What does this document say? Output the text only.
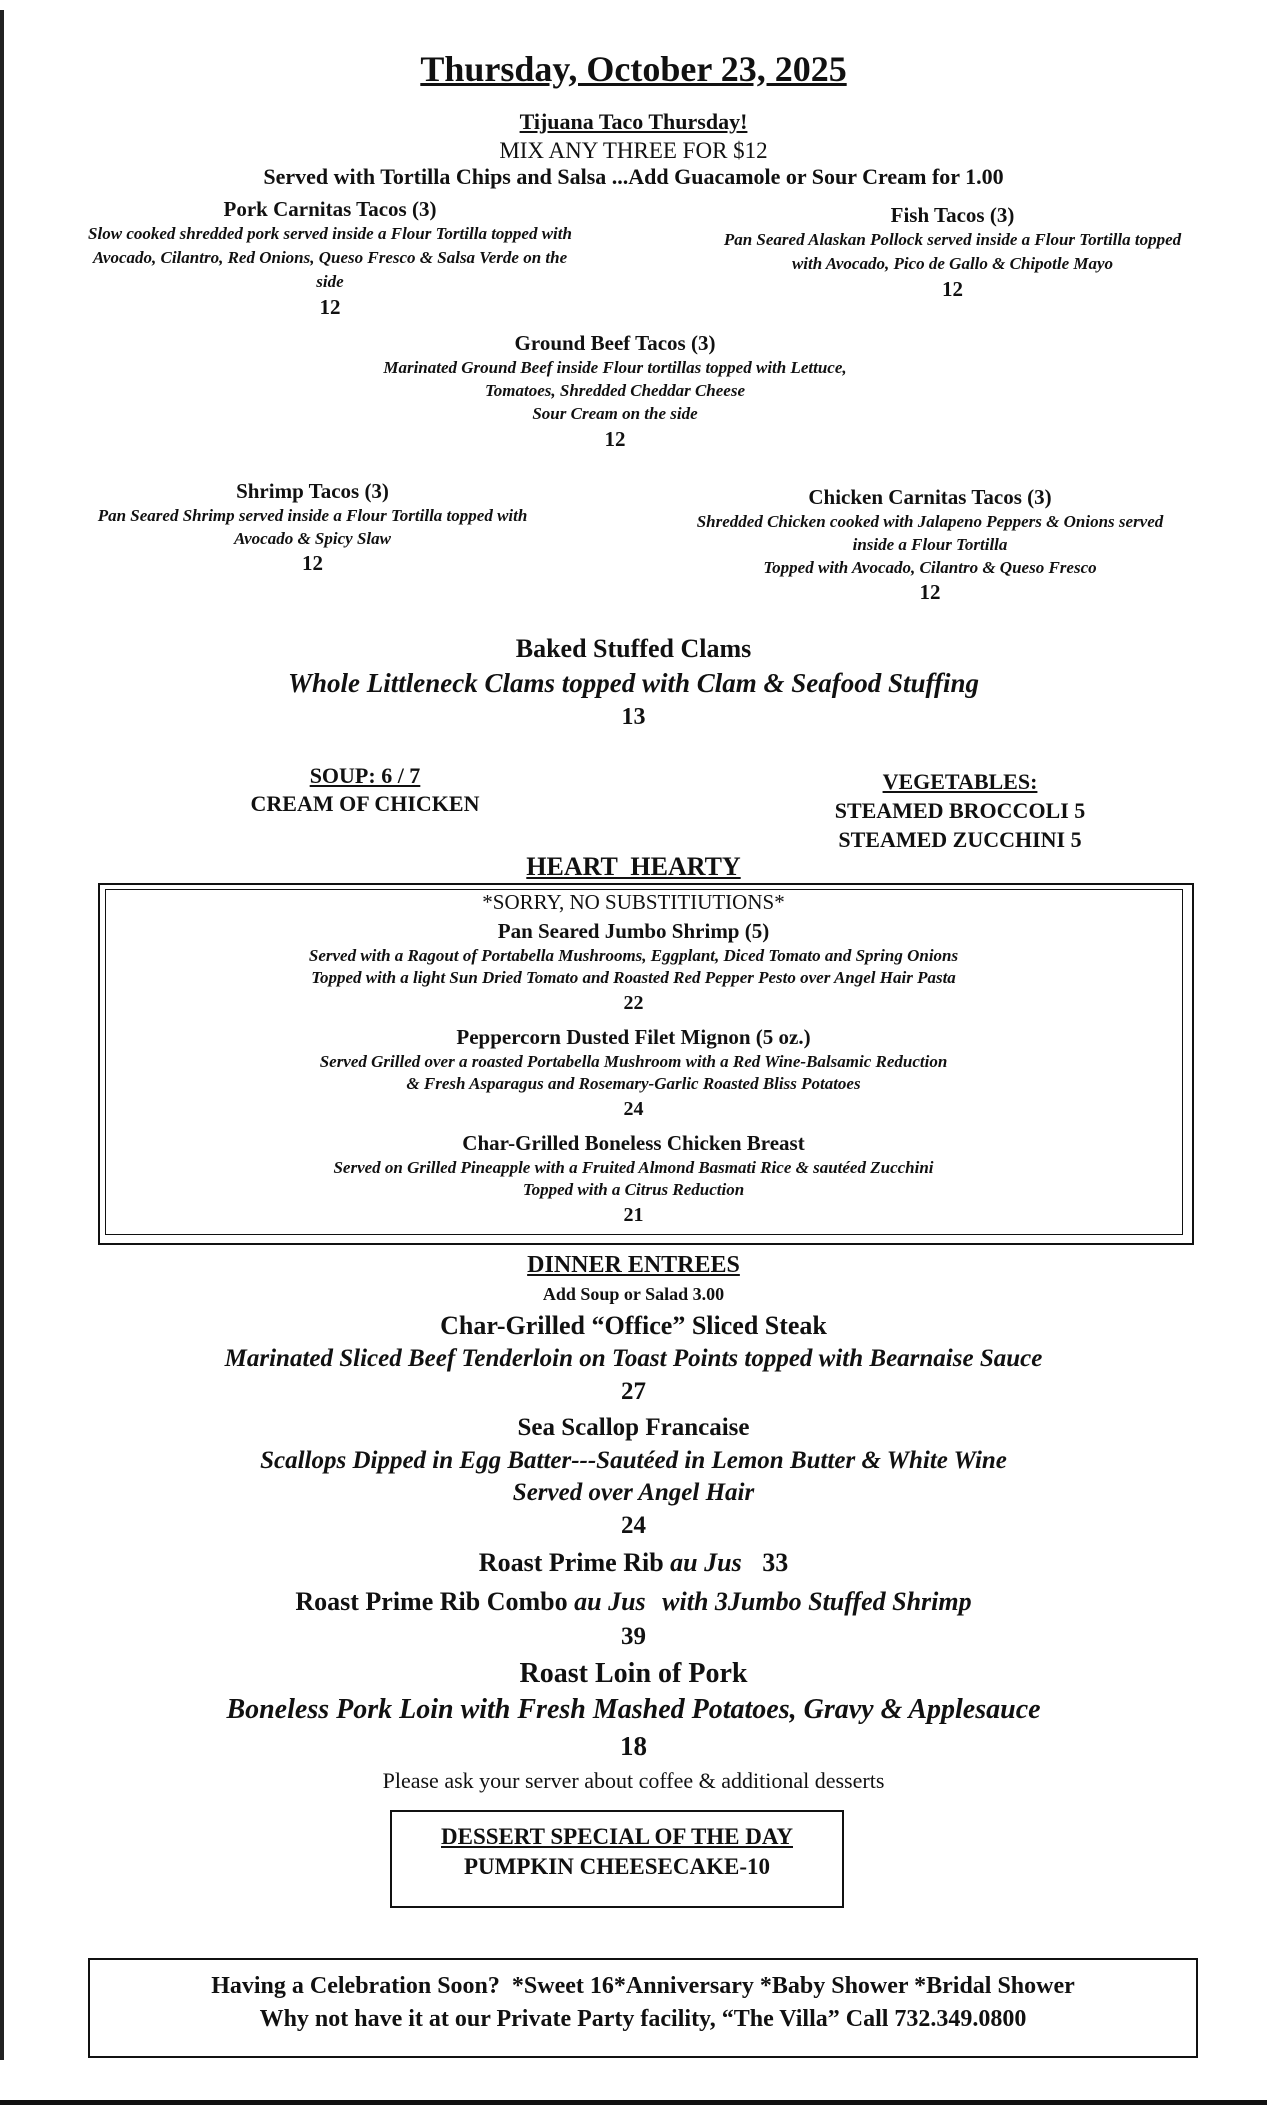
Thursday, October 23, 2025
Tijuana Taco Thursday!
MIX ANY THREE FOR $12
Served with Tortilla Chips and Salsa ...Add Guacamole or Sour Cream for 1.00
Pork Carnitas Tacos (3)
Slow cooked shredded pork served inside a Flour Tortilla topped with
Avocado, Cilantro, Red Onions, Queso Fresco & Salsa Verde on the
side
12
Fish Tacos (3)
Pan Seared Alaskan Pollock served inside a Flour Tortilla topped
with Avocado, Pico de Gallo & Chipotle Mayo
12
Ground Beef Tacos (3)
Marinated Ground Beef inside Flour tortillas topped with Lettuce,
Tomatoes, Shredded Cheddar Cheese
Sour Cream on the side
12
Shrimp Tacos (3)
Pan Seared Shrimp served inside a Flour Tortilla topped with
Avocado & Spicy Slaw
12
Chicken Carnitas Tacos (3)
Shredded Chicken cooked with Jalapeno Peppers & Onions served
inside a Flour Tortilla
Topped with Avocado, Cilantro & Queso Fresco
12
Baked Stuffed Clams
Whole Littleneck Clams topped with Clam & Seafood Stuffing
13
SOUP: 6 / 7
CREAM OF CHICKEN
VEGETABLES:
STEAMED BROCCOLI 5
STEAMED ZUCCHINI 5
HEART  HEARTY
*SORRY, NO SUBSTITIUTIONS*
Pan Seared Jumbo Shrimp (5)
Served with a Ragout of Portabella Mushrooms, Eggplant, Diced Tomato and Spring Onions
Topped with a light Sun Dried Tomato and Roasted Red Pepper Pesto over Angel Hair Pasta
22
Peppercorn Dusted Filet Mignon (5 oz.)
Served Grilled over a roasted Portabella Mushroom with a Red Wine-Balsamic Reduction
& Fresh Asparagus and Rosemary-Garlic Roasted Bliss Potatoes
24
Char-Grilled Boneless Chicken Breast
Served on Grilled Pineapple with a Fruited Almond Basmati Rice & sautéed Zucchini
Topped with a Citrus Reduction
21
DINNER ENTREES
Add Soup or Salad 3.00
Char-Grilled “Office” Sliced Steak
Marinated Sliced Beef Tenderloin on Toast Points topped with Bearnaise Sauce
27
Sea Scallop Francaise
Scallops Dipped in Egg Batter---Sautéed in Lemon Butter & White Wine
Served over Angel Hair
24
Roast Prime Rib au Jus 33
Roast Prime Rib Combo au Jus with 3Jumbo Stuffed Shrimp
39
Roast Loin of Pork
Boneless Pork Loin with Fresh Mashed Potatoes, Gravy & Applesauce
18
Please ask your server about coffee & additional desserts
DESSERT SPECIAL OF THE DAY
PUMPKIN CHEESECAKE-10
Having a Celebration Soon?  *Sweet 16*Anniversary *Baby Shower *Bridal Shower
Why not have it at our Private Party facility, “The Villa” Call 732.349.0800
